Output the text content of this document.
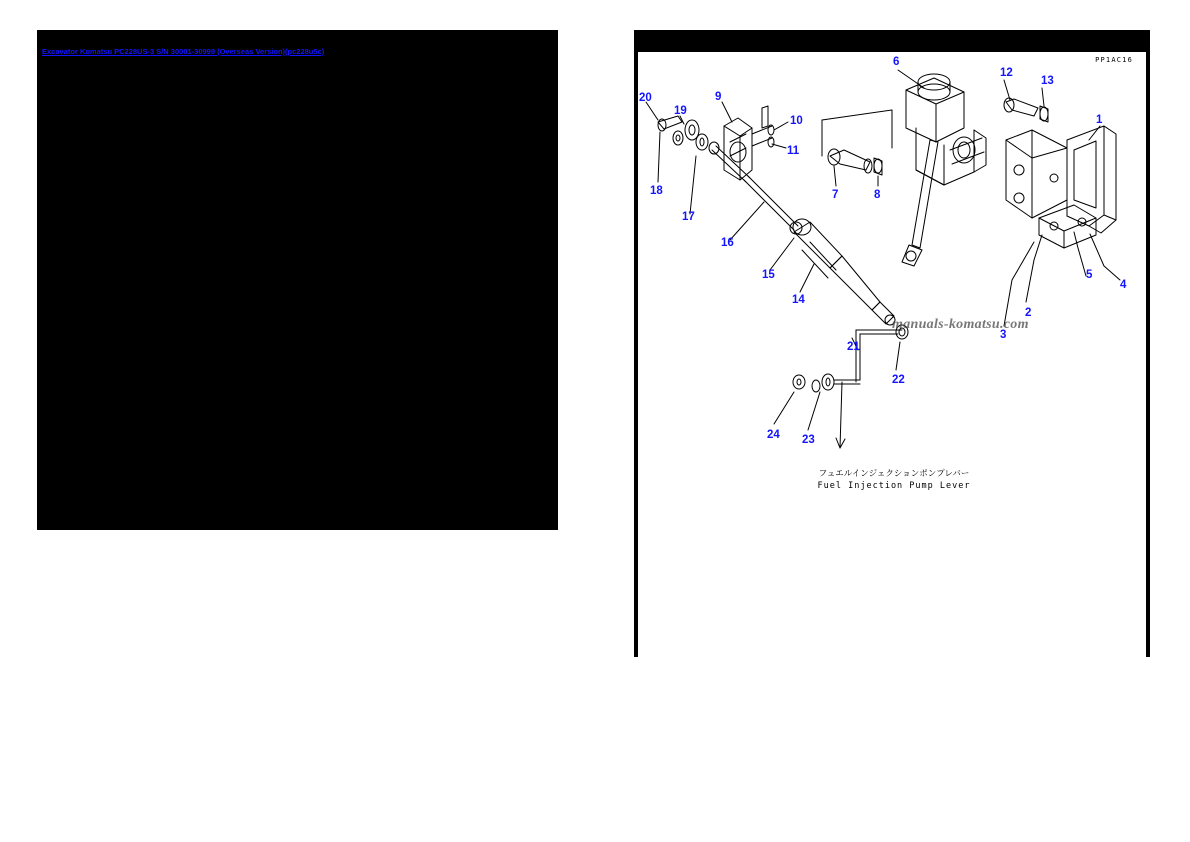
Excavator Komatsu PC228US-3 S/N 30001-30999 (Overseas Version)(pc228u5c)
PP1AC16
1
2
3
4
5
6
7	8
9
10
11
12
13
14
15
16
17
18
19
20
21
22
23
24
フュエルインジェクションポンプレバー
Fuel Injection Pump Lever
manuals-komatsu.com
